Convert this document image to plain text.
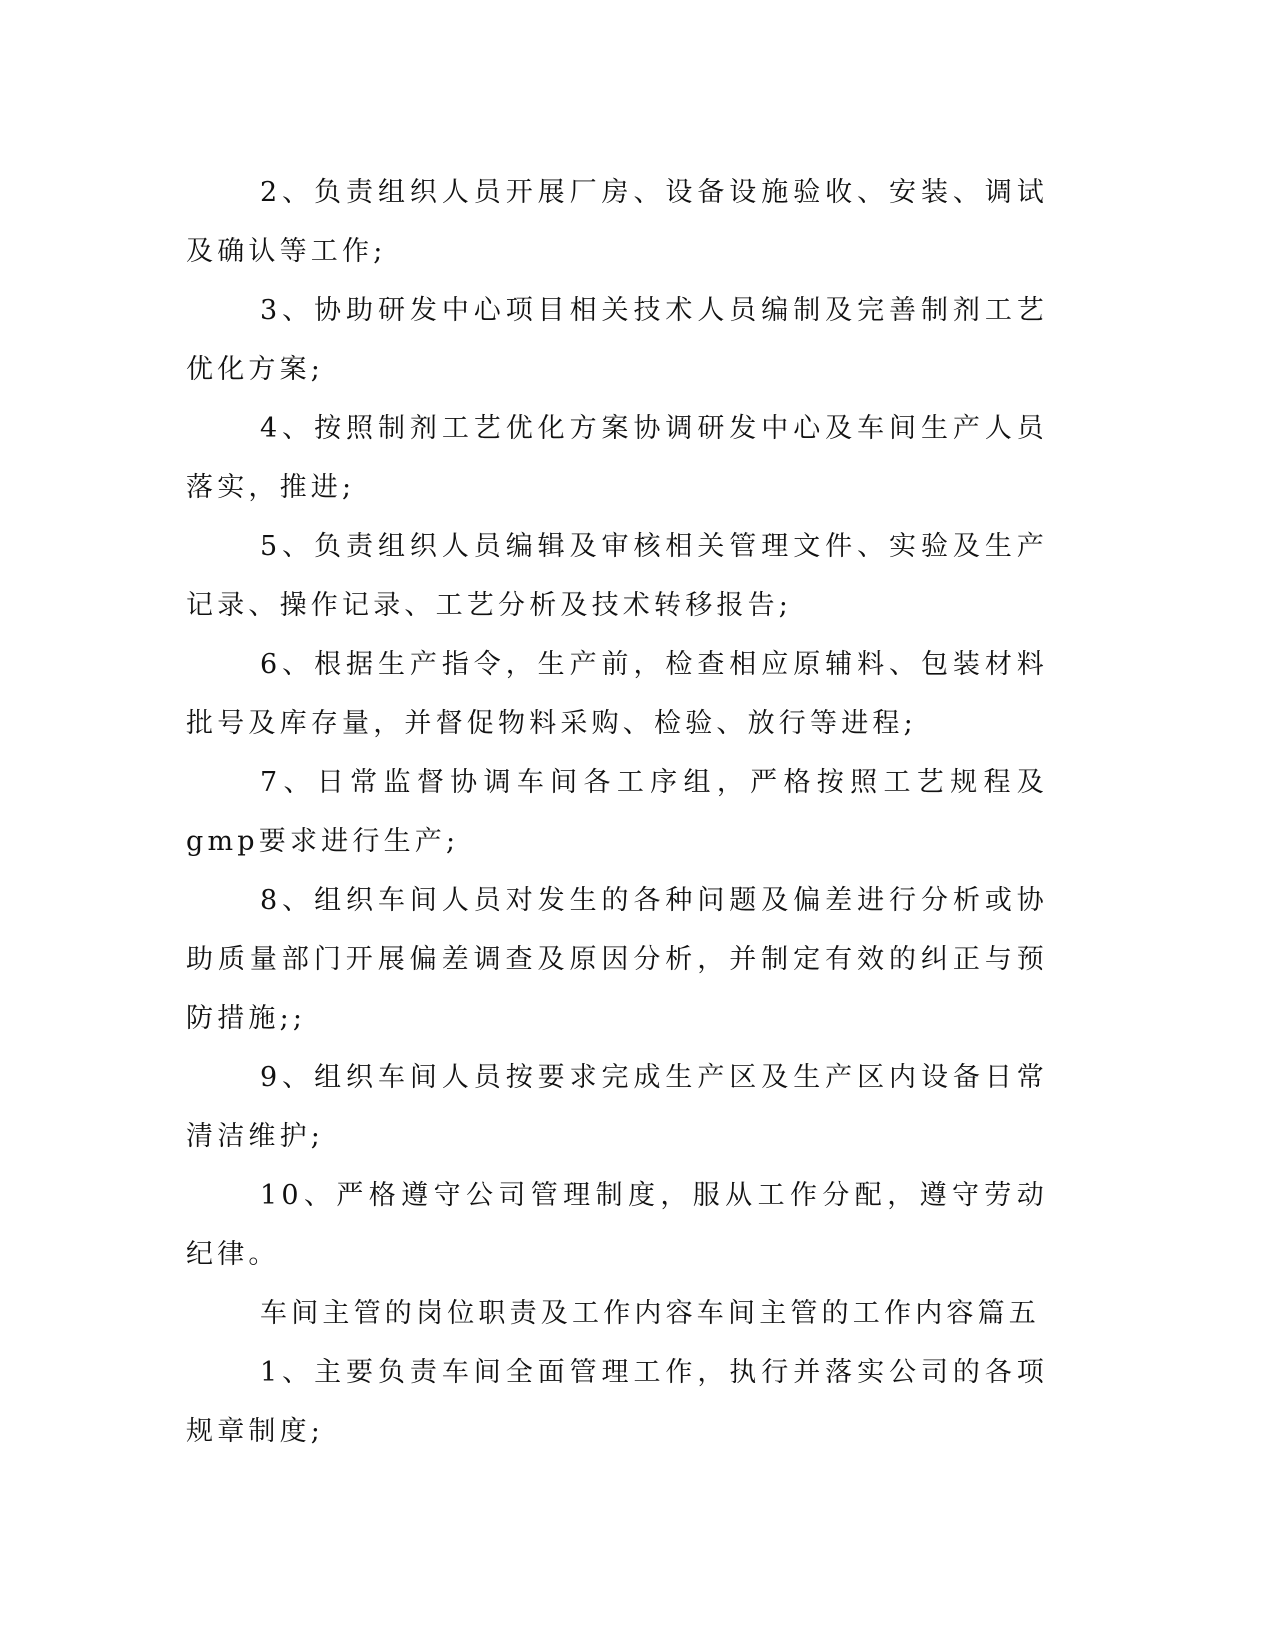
2、负责组织人员开展厂房、设备设施验收、安装、调试及确认等工作;

3、协助研发中心项目相关技术人员编制及完善制剂工艺优化方案;

4、按照制剂工艺优化方案协调研发中心及车间生产人员落实，推进;

5、负责组织人员编辑及审核相关管理文件、实验及生产记录、操作记录、工艺分析及技术转移报告;

6、根据生产指令，生产前，检查相应原辅料、包装材料批号及库存量，并督促物料采购、检验、放行等进程;

7、日常监督协调车间各工序组，严格按照工艺规程及gmp要求进行生产;

8、组织车间人员对发生的各种问题及偏差进行分析或协助质量部门开展偏差调查及原因分析，并制定有效的纠正与预防措施;;

9、组织车间人员按要求完成生产区及生产区内设备日常清洁维护;

10、严格遵守公司管理制度，服从工作分配，遵守劳动纪律。

车间主管的岗位职责及工作内容车间主管的工作内容篇五

1、主要负责车间全面管理工作，执行并落实公司的各项规章制度;
